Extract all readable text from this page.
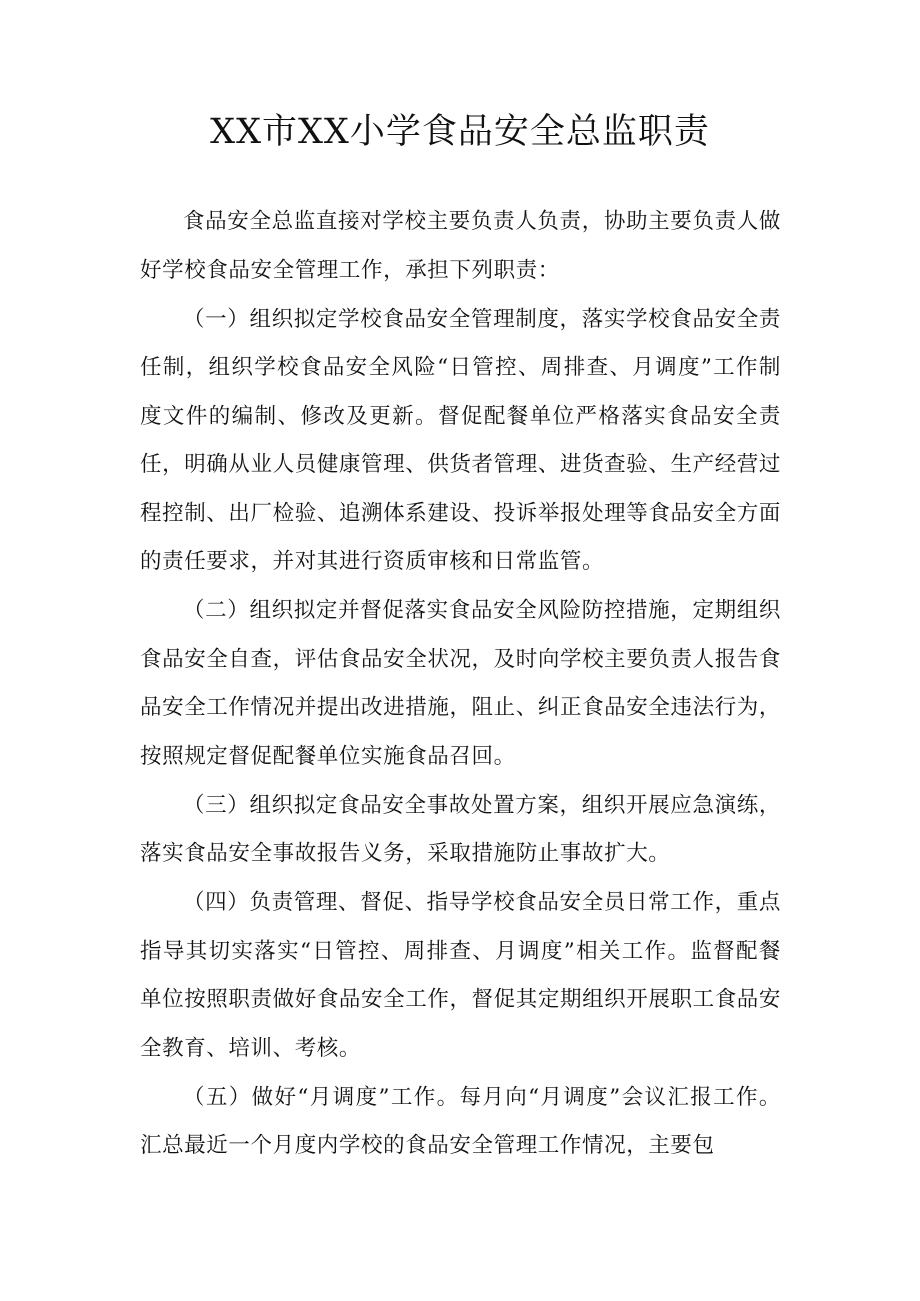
XX市XX小学食品安全总监职责

食品安全总监直接对学校主要负责人负责，协助主要负责人做好学校食品安全管理工作，承担下列职责：

（一）组织拟定学校食品安全管理制度，落实学校食品安全责任制，组织学校食品安全风险“日管控、周排查、月调度”工作制度文件的编制、修改及更新。督促配餐单位严格落实食品安全责任，明确从业人员健康管理、供货者管理、进货查验、生产经营过程控制、出厂检验、追溯体系建设、投诉举报处理等食品安全方面的责任要求，并对其进行资质审核和日常监管。

（二）组织拟定并督促落实食品安全风险防控措施，定期组织食品安全自查，评估食品安全状况，及时向学校主要负责人报告食品安全工作情况并提出改进措施，阻止、纠正食品安全违法行为，按照规定督促配餐单位实施食品召回。

（三）组织拟定食品安全事故处置方案，组织开展应急演练，落实食品安全事故报告义务，采取措施防止事故扩大。

（四）负责管理、督促、指导学校食品安全员日常工作，重点指导其切实落实“日管控、周排查、月调度”相关工作。监督配餐单位按照职责做好食品安全工作，督促其定期组织开展职工食品安全教育、培训、考核。

（五）做好“月调度”工作。每月向“月调度”会议汇报工作。汇总最近一个月度内学校的食品安全管理工作情况，主要包
